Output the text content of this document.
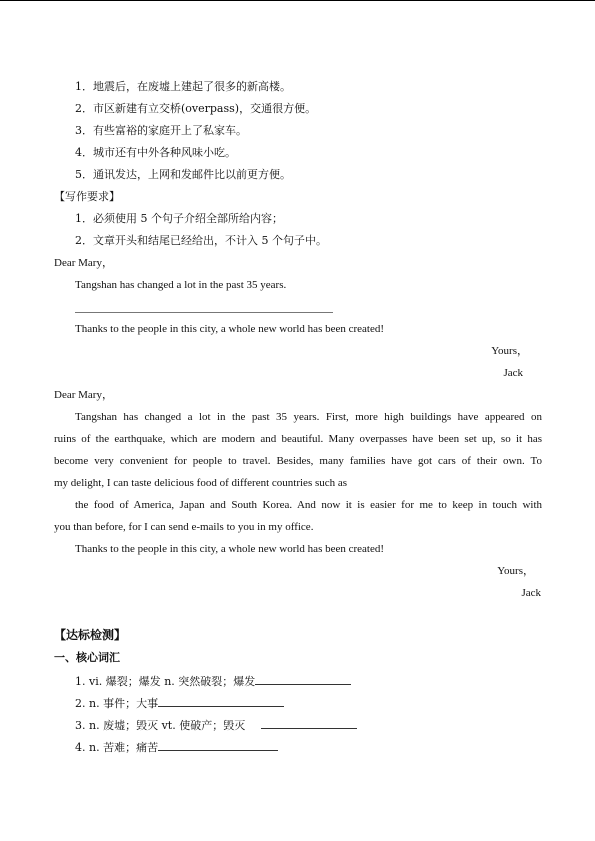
1．地震后，在废墟上建起了很多的新高楼。
2．市区新建有立交桥(overpass)，交通很方便。
3．有些富裕的家庭开上了私家车。
4．城市还有中外各种风味小吃。
5．通讯发达，上网和发邮件比以前更方便。
【写作要求】
1．必须使用 5 个句子介绍全部所给内容；
2．文章开头和结尾已经给出，不计入 5 个句子中。
Dear Mary，
Tangshan has changed a lot in the past 35 years.
Thanks to the people in this city, a whole new world has been created!
Yours，
Jack
Dear Mary，
Tangshan has changed a lot in the past 35 years. First, more high buildings have appeared on
ruins of the earthquake, which are modern and beautiful. Many overpasses have been set up, so it has
become very convenient for people to travel. Besides, many families have got cars of their own. To
my delight, I can taste delicious food of different countries such as
the food of America, Japan and South Korea. And now it is easier for me to keep in touch with
you than before, for I can send e-mails to you in my office.
Thanks to the people in this city, a whole new world has been created!
Yours，
Jack
【达标检测】
一、核心词汇
1. vi. 爆裂；爆发 n. 突然破裂；爆发
2. n. 事件；大事
3. n. 废墟；毁灭 vt. 使破产；毁灭
4. n. 苦难；痛苦
